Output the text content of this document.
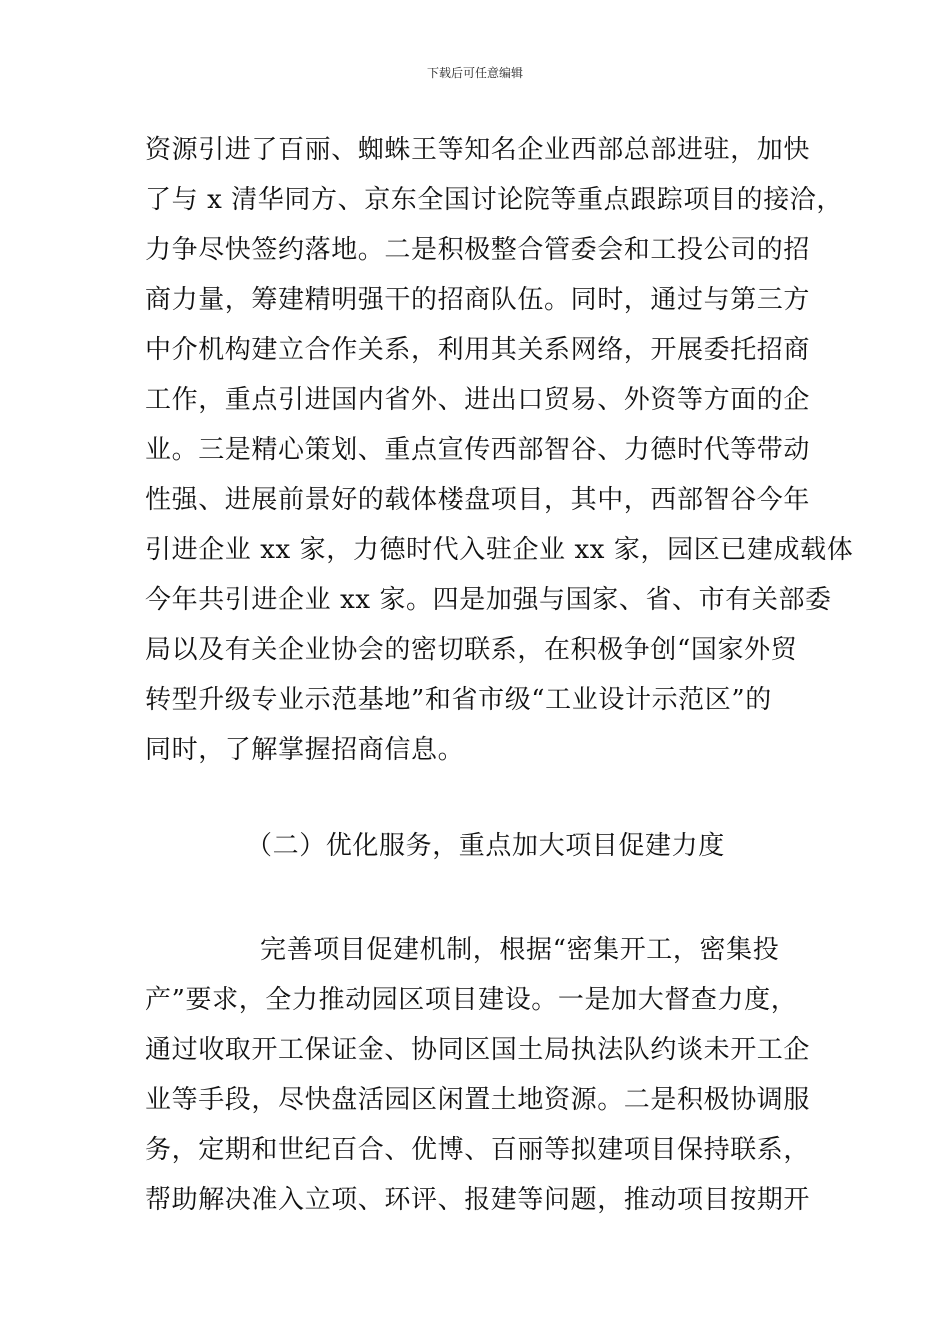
下载后可任意编辑
资源引进了百丽、蜘蛛王等知名企业西部总部进驻，加快
了与 x 清华同方、京东全国讨论院等重点跟踪项目的接洽，
力争尽快签约落地。二是积极整合管委会和工投公司的招
商力量，筹建精明强干的招商队伍。同时，通过与第三方
中介机构建立合作关系，利用其关系网络，开展委托招商
工作，重点引进国内省外、进出口贸易、外资等方面的企
业。三是精心策划、重点宣传西部智谷、力德时代等带动
性强、进展前景好的载体楼盘项目，其中，西部智谷今年
引进企业 xx 家，力德时代入驻企业 xx 家，园区已建成载体
今年共引进企业 xx 家。四是加强与国家、省、市有关部委
局以及有关企业协会的密切联系，在积极争创“国家外贸
转型升级专业示范基地”和省市级“工业设计示范区”的
同时，了解掌握招商信息。
（二）优化服务，重点加大项目促建力度
完善项目促建机制，根据“密集开工，密集投
产”要求，全力推动园区项目建设。一是加大督查力度，
通过收取开工保证金、协同区国土局执法队约谈未开工企
业等手段，尽快盘活园区闲置土地资源。二是积极协调服
务，定期和世纪百合、优博、百丽等拟建项目保持联系，
帮助解决准入立项、环评、报建等问题，推动项目按期开
